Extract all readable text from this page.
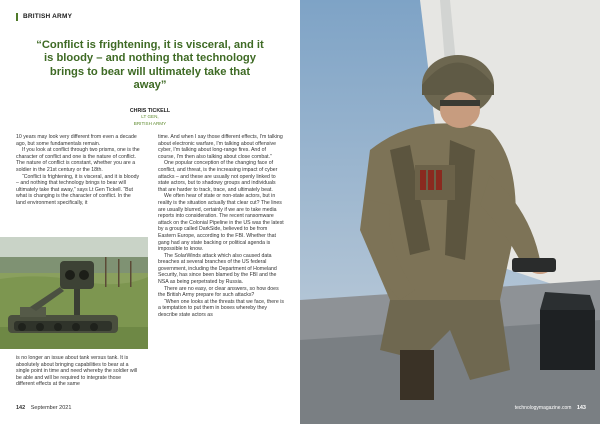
BRITISH ARMY
“Conflict is frightening, it is visceral, and it is bloody – and nothing that technology brings to bear will ultimately take that away”
CHRIS TICKELL
LT GEN,
BRITISH ARMY

10 years may look very different from even a decade ago, but some fundamentals remain.

If you look at conflict through two prisms, one is the character of conflict and one is the nature of conflict. The nature of conflict is constant, whether you are a soldier in the 21st century or the 18th.

“Conflict is frightening, it is visceral, and it is bloody – and nothing that technology brings to bear will ultimately take that away,” says Lt Gen Tickell. “But what is changing is the character of conflict. In the land environment specifically, it

is no longer an issue about tank versus tank. It is absolutely about bringing capabilities to bear at a single point in time and need whereby the soldier will be able and will be required to integrate those different effects at the same

time. And when I say those different effects, I'm talking about electronic warfare, I'm talking about offensive cyber, I'm talking about long-range fires. And of course, I'm then also talking about close combat.”

One popular conception of the changing face of conflict, and threat, is the increasing impact of cyber attacks – and these are usually not openly linked to state actors, but to shadowy groups and individuals that are harder to track, trace, and ultimately beat.

We often hear of state or non-state actors, but in reality is the situation actually that clear cut? The lines are usually blurred, certainly if we are to take media reports into consideration. The recent ransomware attack on the Colonial Pipeline in the US was the latest by a group called DarkSide, believed to be from Eastern Europe, according to the FBI. Whether that gang had any state backing or political agenda is impossible to know.

The SolarWinds attack which also caused data breaches at several branches of the US federal government, including the Department of Homeland Security, has since been blamed by the FBI and the NSA as being perpetrated by Russia.

There are no easy, or clear answers, so how does the British Army prepare for such attacks?

“When one looks at the threats that we face, there is a temptation to put them in boxes whereby they describe state actors as

142 September 2021	technologymagazine.com 143
